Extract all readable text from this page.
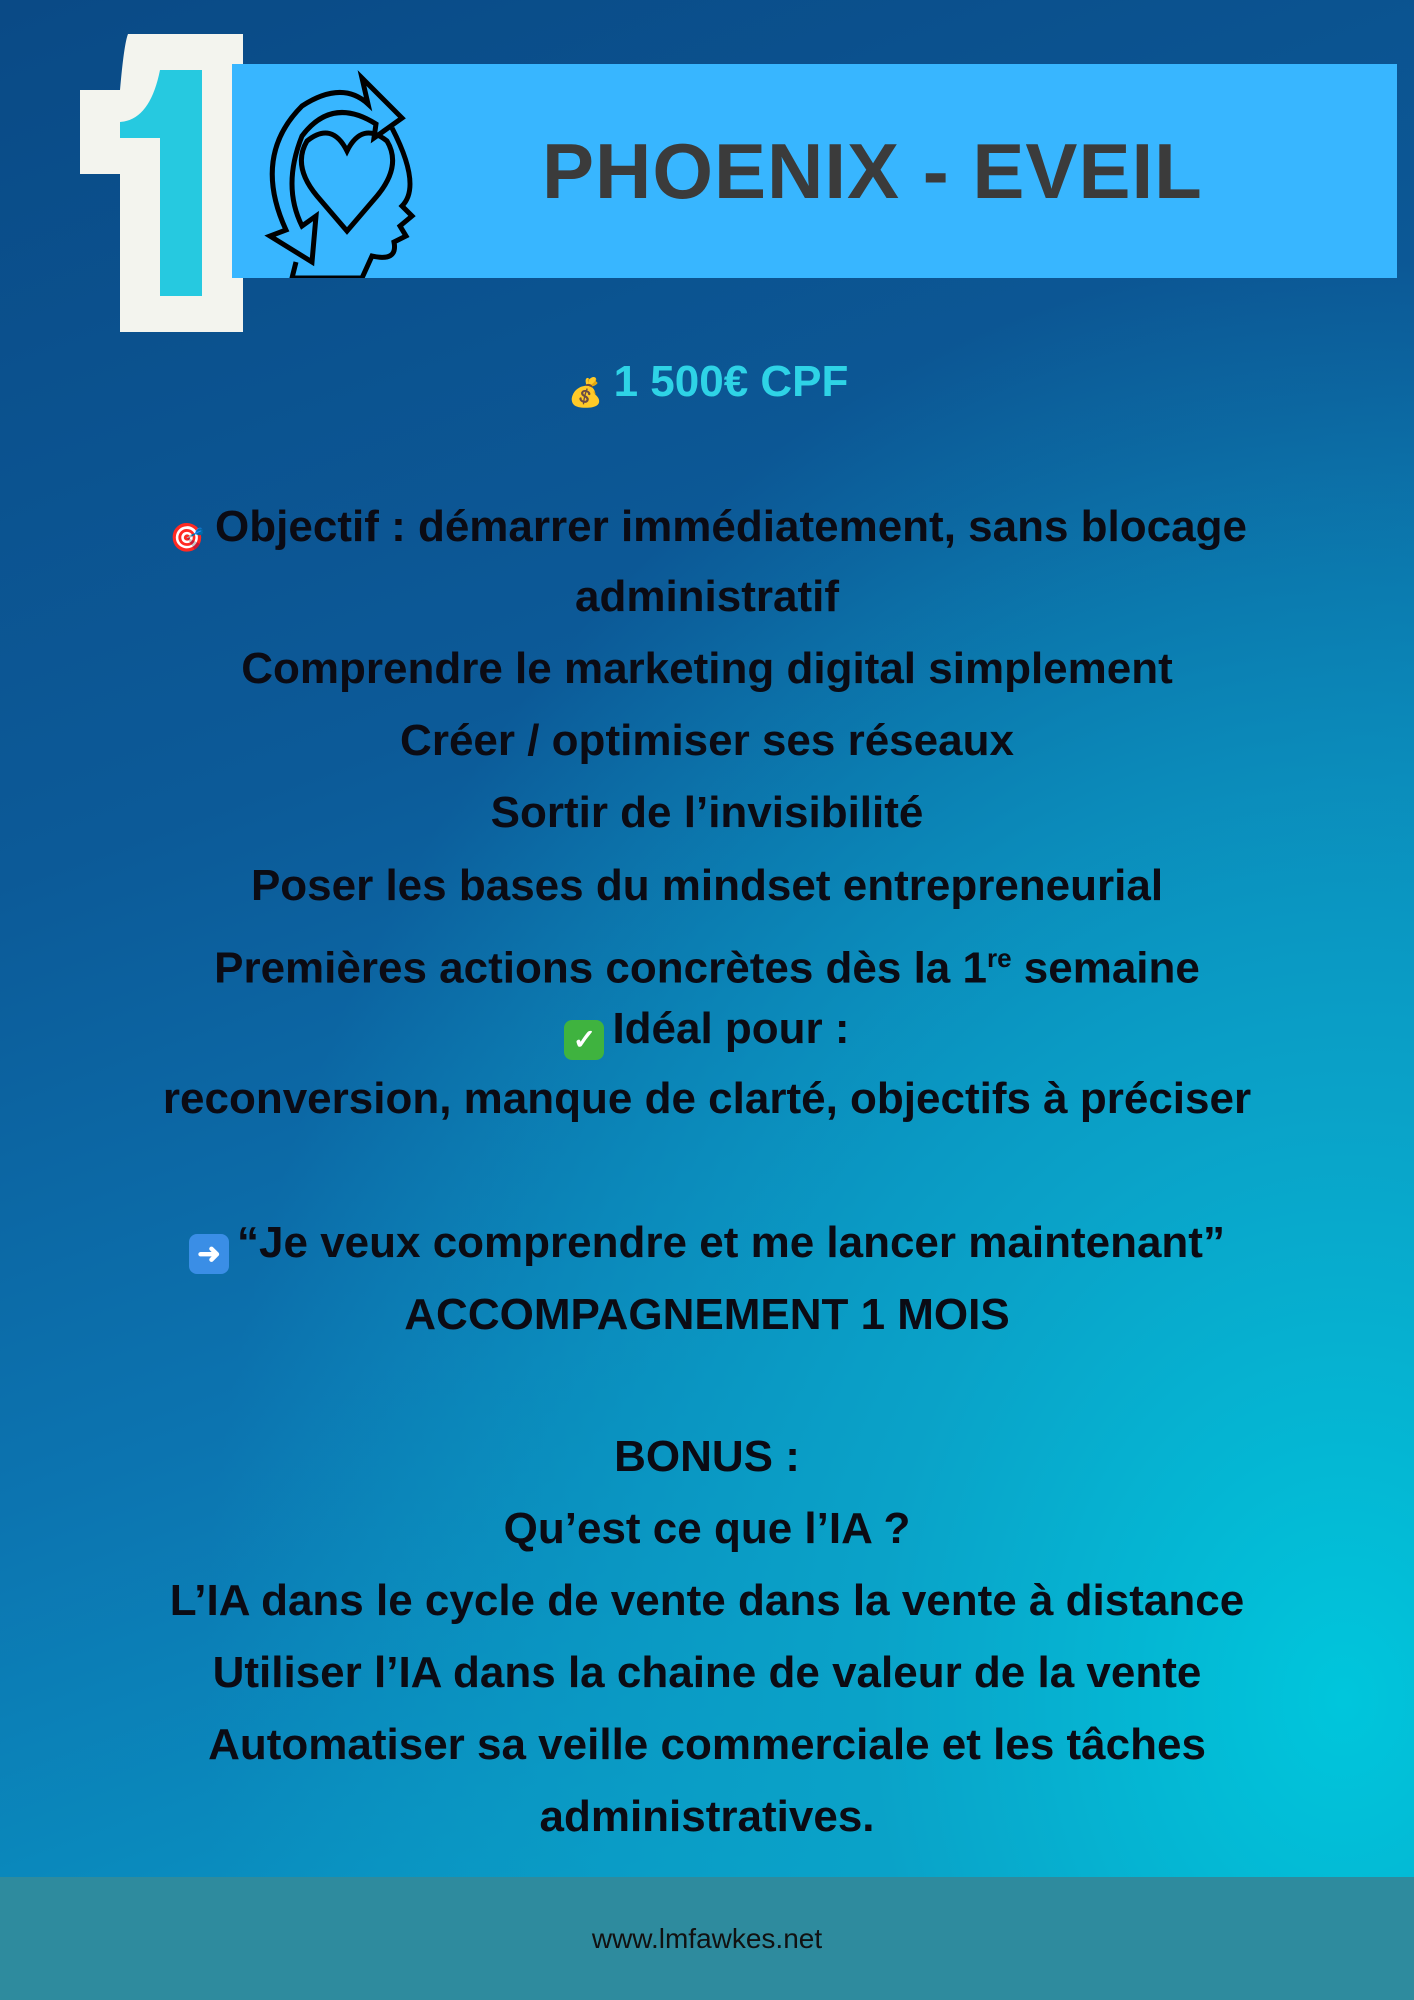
1
PHOENIX - EVEIL
💰 1 500€ CPF
🎯 Objectif : démarrer immédiatement, sans blocage
administratif
Comprendre le marketing digital simplement
Créer / optimiser ses réseaux
Sortir de l’invisibilité
Poser les bases du mindset entrepreneurial
Premières actions concrètes dès la 1re semaine
✓ Idéal pour :
reconversion, manque de clarté, objectifs à préciser
➜ “Je veux comprendre et me lancer maintenant”
ACCOMPAGNEMENT 1 MOIS
BONUS :
Qu’est ce que l’IA ?
L’IA dans le cycle de vente dans la vente à distance
Utiliser l’IA dans la chaine de valeur de la vente
Automatiser sa veille commerciale et les tâches
administratives.
www.lmfawkes.net
